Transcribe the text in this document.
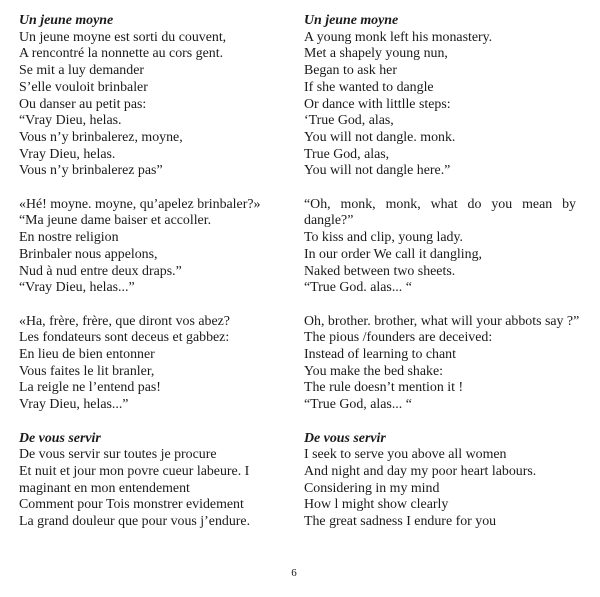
Un jeune moyne
Un jeune moyne est sorti du couvent,
A rencontré la nonnette au cors gent.
Se mit a luy demander
S’elle vouloit brinbaler
Ou danser au petit pas:
“Vray Dieu, helas.
Vous n’y brinbalerez, moyne,
Vray Dieu, helas.
Vous n’y brinbalerez pas”
«Hé! moyne. moyne, qu’apelez brinbaler?»
“Ma jeune dame baiser et accoller.
En nostre religion
Brinbaler nous appelons,
Nud à nud entre deux draps.”
“Vray Dieu, helas...”
«Ha, frère, frère, que diront vos abez?
Les fondateurs sont deceus et gabbez:
En lieu de bien entonner
Vous faites le lit branler,
La reigle ne l’entend pas!
Vray Dieu, helas...”
De vous servir
De vous servir sur toutes je procure
Et nuit et jour mon povre cueur labeure. I
maginant en mon entendement
Comment pour Tois monstrer evidement
La grand douleur que pour vous j’endure.
Un jeune moyne
A young monk left his monastery.
Met a shapely young nun,
Began to ask her
If she wanted to dangle
Or dance with littlle steps:
‘True God, alas,
You will not dangle. monk.
True God, alas,
You will not dangle here.”
“Oh, monk, monk, what do you mean by dangle?”
To kiss and clip, young lady.
In our order We call it dangling,
Naked between two sheets.
“True God. alas... “
Oh, brother. brother, what will your abbots say ?”
The pious /founders are deceived:
Instead of learning to chant
You make the bed shake:
The rule doesn’t mention it !
“True God, alas... “
De vous servir
I seek to serve you above all women
And night and day my poor heart labours.
Considering in my mind
How l might show clearly
The great sadness I endure for you
6
